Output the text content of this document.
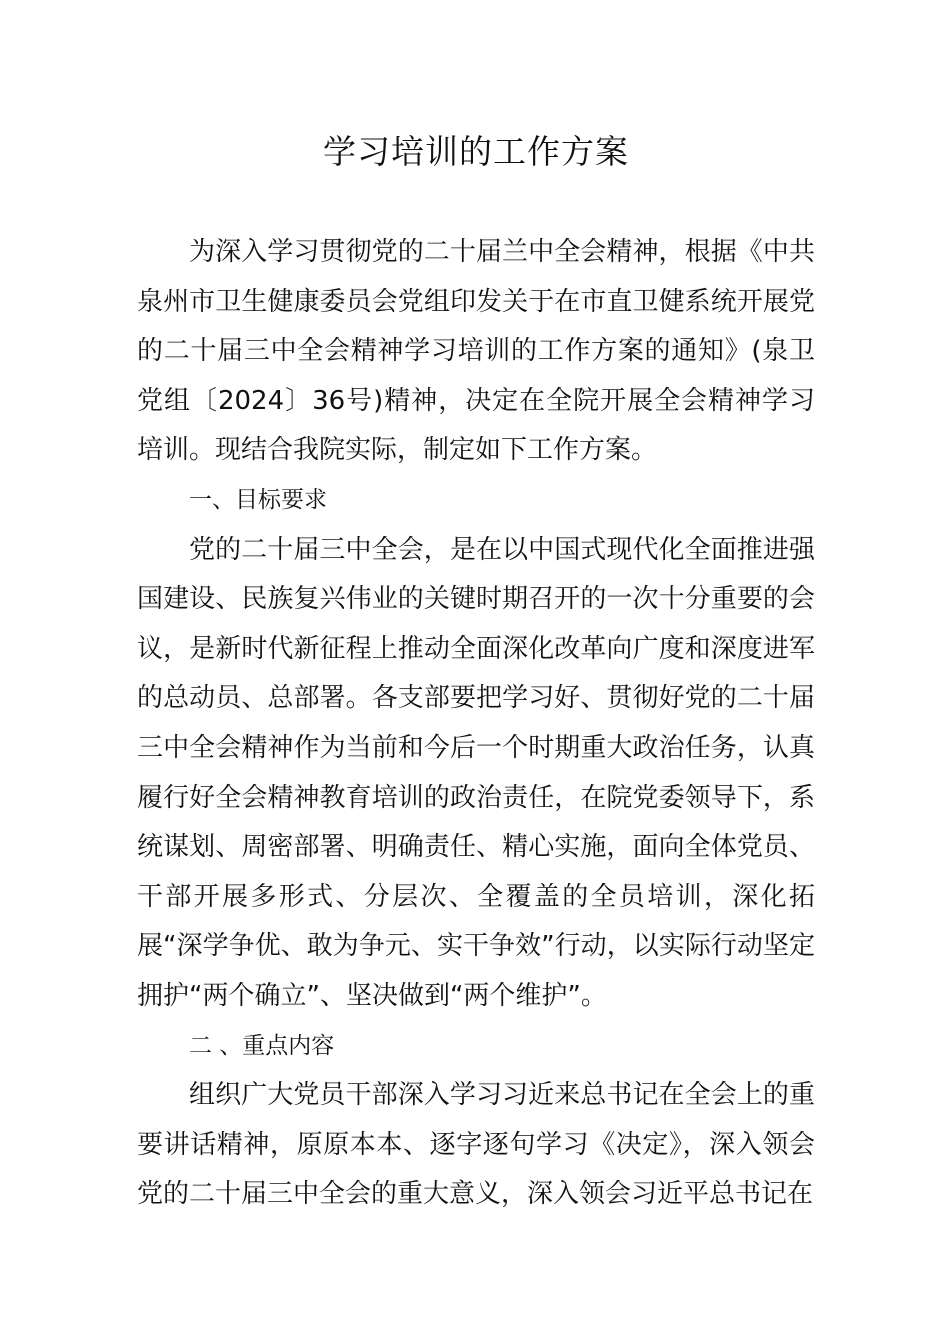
学习培训的工作方案

为深入学习贯彻党的二十届兰中全会精神，根据《中共泉州市卫生健康委员会党组印发关于在市直卫健系统开展党的二十届三中全会精神学习培训的工作方案的通知》(泉卫党组〔2024〕36号)精神，决定在全院开展全会精神学习培训。现结合我院实际，制定如下工作方案。

一、目标要求

党的二十届三中全会，是在以中国式现代化全面推进强国建设、民族复兴伟业的关键时期召开的一次十分重要的会议，是新时代新征程上推动全面深化改革向广度和深度进军的总动员、总部署。各支部要把学习好、贯彻好党的二十届三中全会精神作为当前和今后一个时期重大政治任务，认真履行好全会精神教育培训的政治责任，在院党委领导下，系统谋划、周密部署、明确责任、精心实施，面向全体党员、干部开展多形式、分层次、全覆盖的全员培训，深化拓展“深学争优、敢为争元、实干争效”行动，以实际行动坚定拥护“两个确立”、坚决做到“两个维护”。

二 、重点内容

组织广大党员干部深入学习习近来总书记在全会上的重要讲话精神，原原本本、逐字逐句学习《决定》，深入领会党的二十届三中全会的重大意义，深入领会习近平总书记在
